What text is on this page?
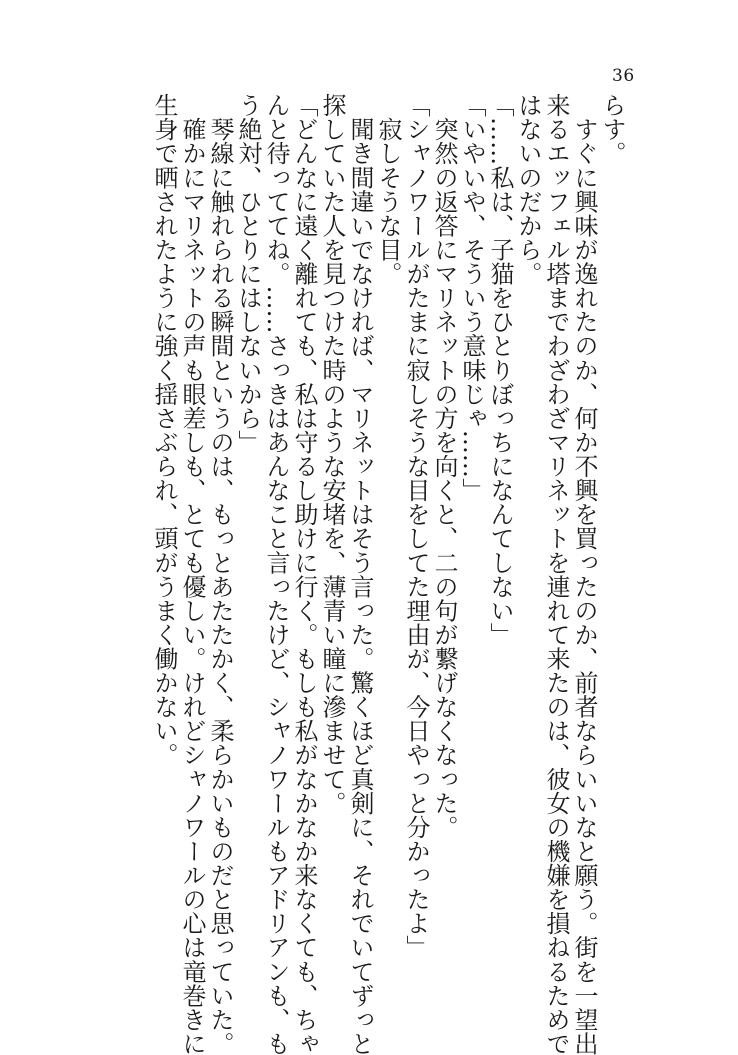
36
らす。
　すぐに興味が逸れたのか、何か不興を買ったのか、前者ならいいなと願う。街を一望出
来るエッフェル塔までわざわざマリネットを連れて来たのは、彼女の機嫌を損ねるためで
はないのだから。
「……私は、子猫をひとりぼっちになんてしない」
「いやいや、そういう意味じゃ……」
　突然の返答にマリネットの方を向くと、二の句が繋げなくなった。
「シャノワールがたまに寂しそうな目をしてた理由が、今日やっと分かったよ」
　寂しそうな目。
　聞き間違いでなければ、マリネットはそう言った。驚くほど真剣に、それでいてずっと
探していた人を見つけた時のような安堵を、薄青い瞳に滲ませて。
「どんなに遠く離れても、私は守るし助けに行く。もしも私がなかなか来なくても、ちゃ
んと待っててね。……さっきはあんなこと言ったけど、シャノワールもアドリアンも、も
う絶対、ひとりにはしないから」
　琴線に触れられる瞬間というのは、もっとあたたかく、柔らかいものだと思っていた。
　確かにマリネットの声も眼差しも、とても優しい。けれどシャノワールの心は竜巻きに
生身で晒されたように強く揺さぶられ、頭がうまく働かない。
